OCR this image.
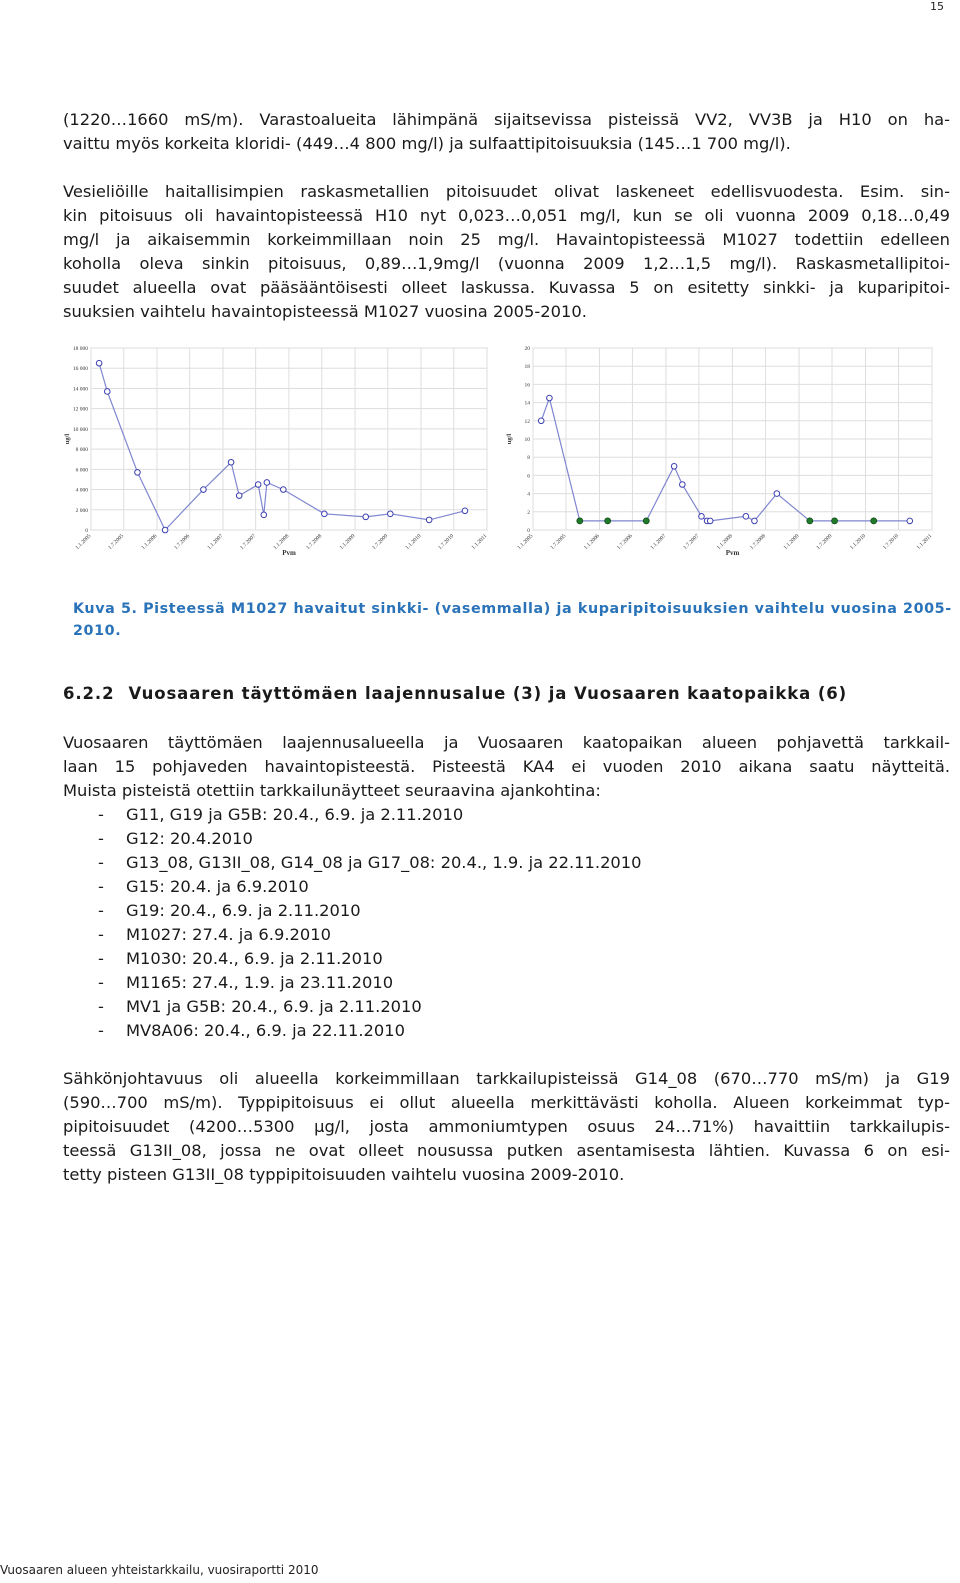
15

(1220…1660 mS/m). Varastoalueita lähimpänä sijaitsevissa pisteissä VV2, VV3B ja H10 on ha-
vaittu myös korkeita kloridi- (449…4 800 mg/l) ja sulfaattipitoisuuksia (145…1 700 mg/l).

Vesieliöille haitallisimpien raskasmetallien pitoisuudet olivat laskeneet edellisvuodesta. Esim. sin-
kin pitoisuus oli havaintopisteessä H10 nyt 0,023…0,051 mg/l, kun se oli vuonna 2009 0,18…0,49
mg/l ja aikaisemmin korkeimmillaan noin 25 mg/l. Havaintopisteessä M1027 todettiin edelleen
koholla oleva sinkin pitoisuus, 0,89…1,9mg/l (vuonna 2009 1,2…1,5 mg/l). Raskasmetallipitoi-
suudet alueella ovat pääsääntöisesti olleet laskussa. Kuvassa 5 on esitetty sinkki- ja kuparipitoi-
suuksien vaihtelu havaintopisteessä M1027 vuosina 2005-2010.

0
2 000
4 000
6 000
8 000
10 000
12 000
14 000
16 000
18 000
1.1.2005	1.7.2005	1.1.2006	1.7.2006	1.1.2007	1.7.2007	1.1.2008	1.7.2008	1.1.2009	1.7.2009	1.1.2010	1.7.2010	1.1.2011
Pvm
ug/l
0
2
4
6
8
10
12
14
16
18
20
1.1.2005	1.7.2005	1.1.2006	1.7.2006	1.1.2007	1.7.2007	1.1.2008	1.7.2008	1.1.2009	1.7.2009	1.1.2010	1.7.2010	1.1.2011
Pvm
ug/l
Kuva 5. Pisteessä M1027 havaitut sinkki- (vasemmalla) ja kuparipitoisuuksien vaihtelu vuosina 2005-
2010.
6.2.2 Vuosaaren täyttömäen laajennusalue (3) ja Vuosaaren kaatopaikka (6)

Vuosaaren täyttömäen laajennusalueella ja Vuosaaren kaatopaikan alueen pohjavettä tarkkail-
laan 15 pohjaveden havaintopisteestä. Pisteestä KA4 ei vuoden 2010 aikana saatu näytteitä.
Muista pisteistä otettiin tarkkailunäytteet seuraavina ajankohtina:

- G11, G19 ja G5B: 20.4., 6.9. ja 2.11.2010
- G12: 20.4.2010
- G13_08, G13II_08, G14_08 ja G17_08: 20.4., 1.9. ja 22.11.2010
- G15: 20.4. ja 6.9.2010
- G19: 20.4., 6.9. ja 2.11.2010
- M1027: 27.4. ja 6.9.2010
- M1030: 20.4., 6.9. ja 2.11.2010
- M1165: 27.4., 1.9. ja 23.11.2010
- MV1 ja G5B: 20.4., 6.9. ja 2.11.2010
- MV8A06: 20.4., 6.9. ja 22.11.2010

Sähkönjohtavuus oli alueella korkeimmillaan tarkkailupisteissä G14_08 (670…770 mS/m) ja G19
(590…700 mS/m). Typpipitoisuus ei ollut alueella merkittävästi koholla. Alueen korkeimmat typ-
pipitoisuudet (4200…5300 µg/l, josta ammoniumtypen osuus 24…71%) havaittiin tarkkailupis-
teessä G13II_08, jossa ne ovat olleet nousussa putken asentamisesta lähtien. Kuvassa 6 on esi-
tetty pisteen G13II_08 typpipitoisuuden vaihtelu vuosina 2009-2010.

Vuosaaren alueen yhteistarkkailu, vuosiraportti 2010
